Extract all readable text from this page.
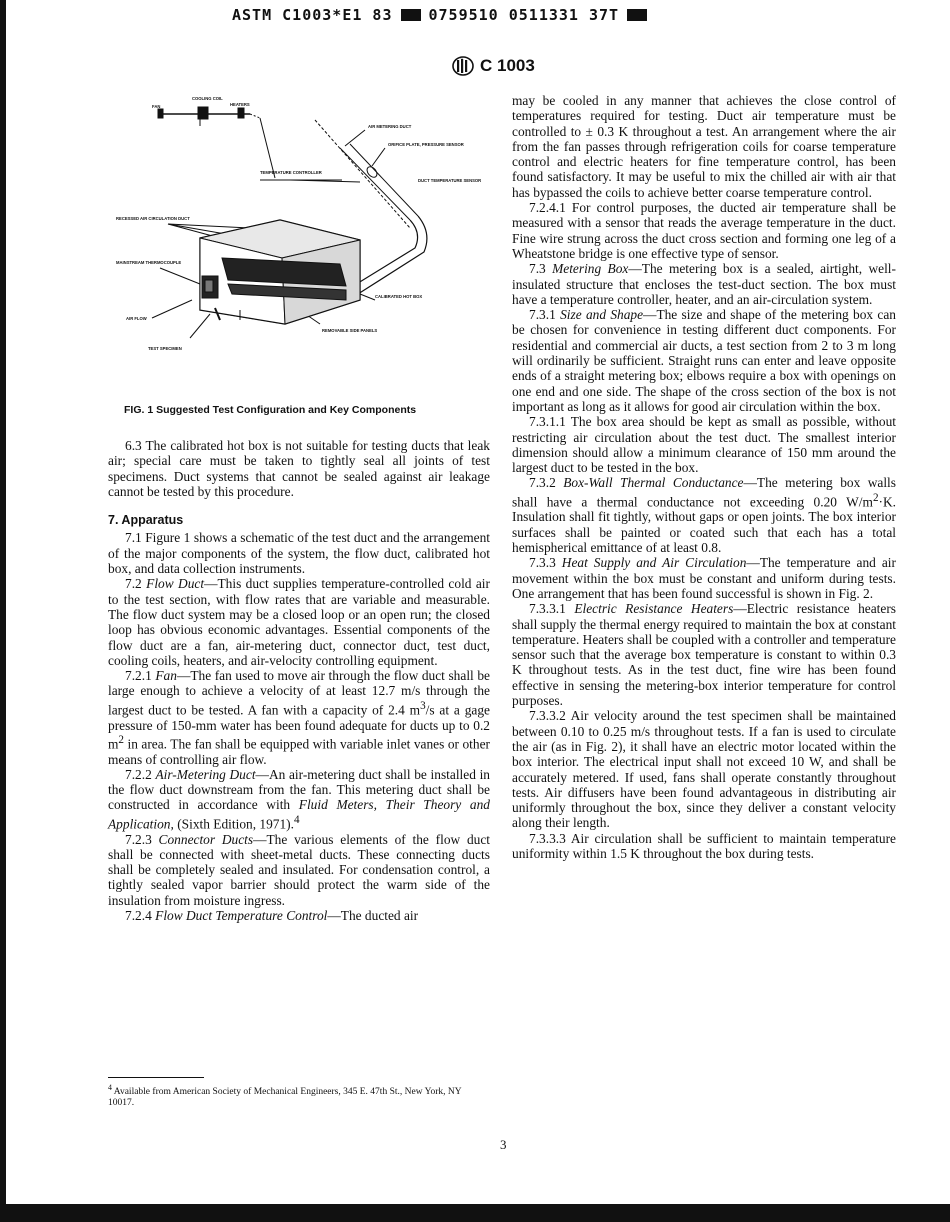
ASTM C1003*E1 83 0759510 0511331 37T
ASTM C 1003
FAN
COOLING COIL
HEATERS
AIR METERING DUCT
ORIFICE PLATE, PRESSURE SENSOR
TEMPERATURE CONTROLLER
DUCT TEMPERATURE SENSOR
RECESSED AIR CIRCULATION DUCT
MAINSTREAM THERMOCOUPLE
CALIBRATED HOT BOX
AIR FLOW
REMOVABLE SIDE PANELS
TEST SPECIMEN
FIG. 1 Suggested Test Configuration and Key Components

6.3 The calibrated hot box is not suitable for testing ducts that leak air; special care must be taken to tightly seal all joints of test specimens. Duct systems that cannot be sealed against air leakage cannot be tested by this procedure.

7. Apparatus

7.1 Figure 1 shows a schematic of the test duct and the arrangement of the major components of the system, the flow duct, calibrated hot box, and data collection instruments.

7.2 Flow Duct—This duct supplies temperature-controlled cold air to the test section, with flow rates that are variable and measurable. The flow duct system may be a closed loop or an open run; the closed loop has obvious economic advantages. Essential components of the flow duct are a fan, air-metering duct, connector duct, test duct, cooling coils, heaters, and air-velocity controlling equipment.

7.2.1 Fan—The fan used to move air through the flow duct shall be large enough to achieve a velocity of at least 12.7 m/s through the largest duct to be tested. A fan with a capacity of 2.4 $m^3/s$ at a gage pressure of 150-mm water has been found adequate for ducts up to 0.2 $m^2$ in area. The fan shall be equipped with variable inlet vanes or other means of controlling air flow.

7.2.2 Air-Metering Duct—An air-metering duct shall be installed in the flow duct downstream from the fan. This metering duct shall be constructed in accordance with Fluid Meters, Their Theory and Application, (Sixth Edition, 1971).$^4$

7.2.3 Connector Ducts—The various elements of the flow duct shall be connected with sheet-metal ducts. These connecting ducts shall be completely sealed and insulated. For condensation control, a tightly sealed vapor barrier should protect the warm side of the insulation from moisture ingress.

7.2.4 Flow Duct Temperature Control—The ducted air

may be cooled in any manner that achieves the close control of temperatures required for testing. Duct air temperature must be controlled to ± 0.3 K throughout a test. An arrangement where the air from the fan passes through refrigeration coils for coarse temperature control and electric heaters for fine temperature control, has been found satisfactory. It may be useful to mix the chilled air with air that has bypassed the coils to achieve better coarse temperature control.

7.2.4.1 For control purposes, the ducted air temperature shall be measured with a sensor that reads the average temperature in the duct. Fine wire strung across the duct cross section and forming one leg of a Wheatstone bridge is one effective type of sensor.

7.3 Metering Box—The metering box is a sealed, airtight, well-insulated structure that encloses the test-duct section. The box must have a temperature controller, heater, and an air-circulation system.

7.3.1 Size and Shape—The size and shape of the metering box can be chosen for convenience in testing different duct components. For residential and commercial air ducts, a test section from 2 to 3 m long will ordinarily be sufficient. Straight runs can enter and leave opposite ends of a straight metering box; elbows require a box with openings on one end and one side. The shape of the cross section of the box is not important as long as it allows for good air circulation within the box.

7.3.1.1 The box area should be kept as small as possible, without restricting air circulation about the test duct. The smallest interior dimension should allow a minimum clearance of 150 mm around the largest duct to be tested in the box.

7.3.2 Box-Wall Thermal Conductance—The metering box walls shall have a thermal conductance not exceeding 0.20 $W/m^2\cdot K$. Insulation shall fit tightly, without gaps or open joints. The box interior surfaces shall be painted or coated such that each has a total hemispherical emittance of at least 0.8.

7.3.3 Heat Supply and Air Circulation—The temperature and air movement within the box must be constant and uniform during tests. One arrangement that has been found successful is shown in Fig. 2.

7.3.3.1 Electric Resistance Heaters—Electric resistance heaters shall supply the thermal energy required to maintain the box at constant temperature. Heaters shall be coupled with a controller and temperature sensor such that the average box temperature is constant to within 0.3 K throughout tests. As in the test duct, fine wire has been found effective in sensing the metering-box interior temperature for control purposes.

7.3.3.2 Air velocity around the test specimen shall be maintained between 0.10 to 0.25 m/s throughout tests. If a fan is used to circulate the air (as in Fig. 2), it shall have an electric motor located within the box interior. The electrical input shall not exceed 10 W, and shall be accurately metered. If used, fans shall operate constantly throughout tests. Air diffusers have been found advantageous in distributing air uniformly throughout the box, since they deliver a constant velocity along their length.

7.3.3.3 Air circulation shall be sufficient to maintain temperature uniformity within 1.5 K throughout the box during tests.

$^4$ Available from American Society of Mechanical Engineers, 345 E. 47th St., New York, NY 10017.
3
